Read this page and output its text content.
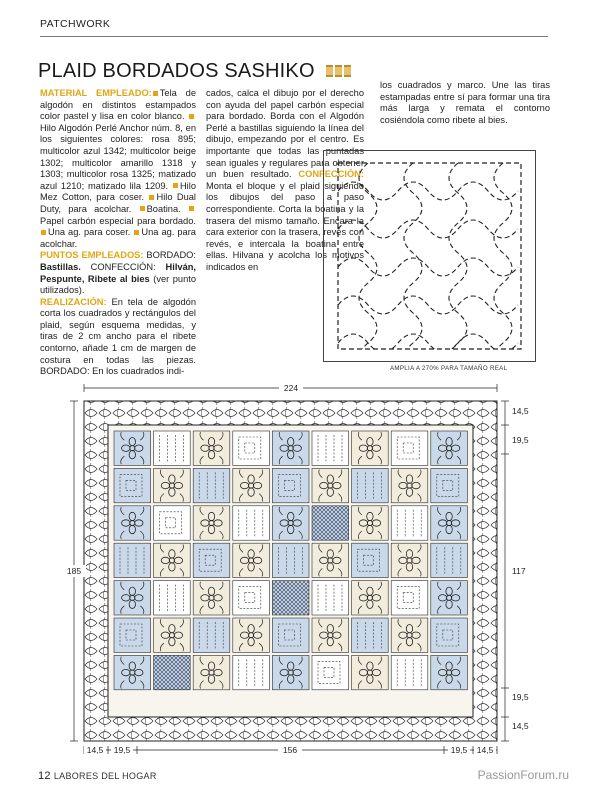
PATCHWORK
PLAID BORDADOS SASHIKO
MATERIAL EMPLEADO: Tela de algodón en distintos estampados color pastel y lisa en color blanco. Hilo Algodón Perlé Anchor núm. 8, en los siguientes colores: rosa 895; multicolor azul 1342; multicolor beige 1302; multicolor amarillo 1318 y 1303; multicolor rosa 1325; matizado azul 1210; matizado lila 1209. Hilo Mez Cotton, para coser. Hilo Dual Duty, para acolchar. Boatina. Papel carbón especial para bordado. Una ag. para coser. Una ag. para acolchar.
PUNTOS EMPLEADOS: BORDADO: Bastillas. CONFECCIÓN: Hilván, Pespunte, Ribete al bies (ver punto utilizados).
REALIZACIÓN: En tela de algodón corta los cuadrados y rectángulos del plaid, según esquema medidas, y tiras de 2 cm ancho para el ribete contorno, añade 1 cm de margen de costura en todas las piezas. BORDADO: En los cuadrados indi-
cados, calca el dibujo por el derecho con ayuda del papel carbón especial para bordado. Borda con el Algodón Perlé a bastillas siguiendo la línea del dibujo, empezando por el centro. Es importante que todas las puntadas sean iguales y regulares para obtener un buen resultado. CONFECCIÓN: Monta el bloque y el plaid siguiendo los dibujos del paso a paso correspondiente. Corta la boatina y la trasera del mismo tamaño. Encara la cara exterior con la trasera, revés con revés, e intercala la boatina entre ellas. Hilvana y acolcha los motivos indicados en
los cuadrados y marco. Une las tiras estampadas entre sí para formar una tira más larga y remata el contorno cosiéndola como ribete al bies.
AMPLIA A 270% PARA TAMAÑO REAL
224
185
14,5
19,5
117
19,5
14,5
14,5 19,5	156	19,5 14,5
12 LABORES DEL HOGAR	PassionForum.ru
